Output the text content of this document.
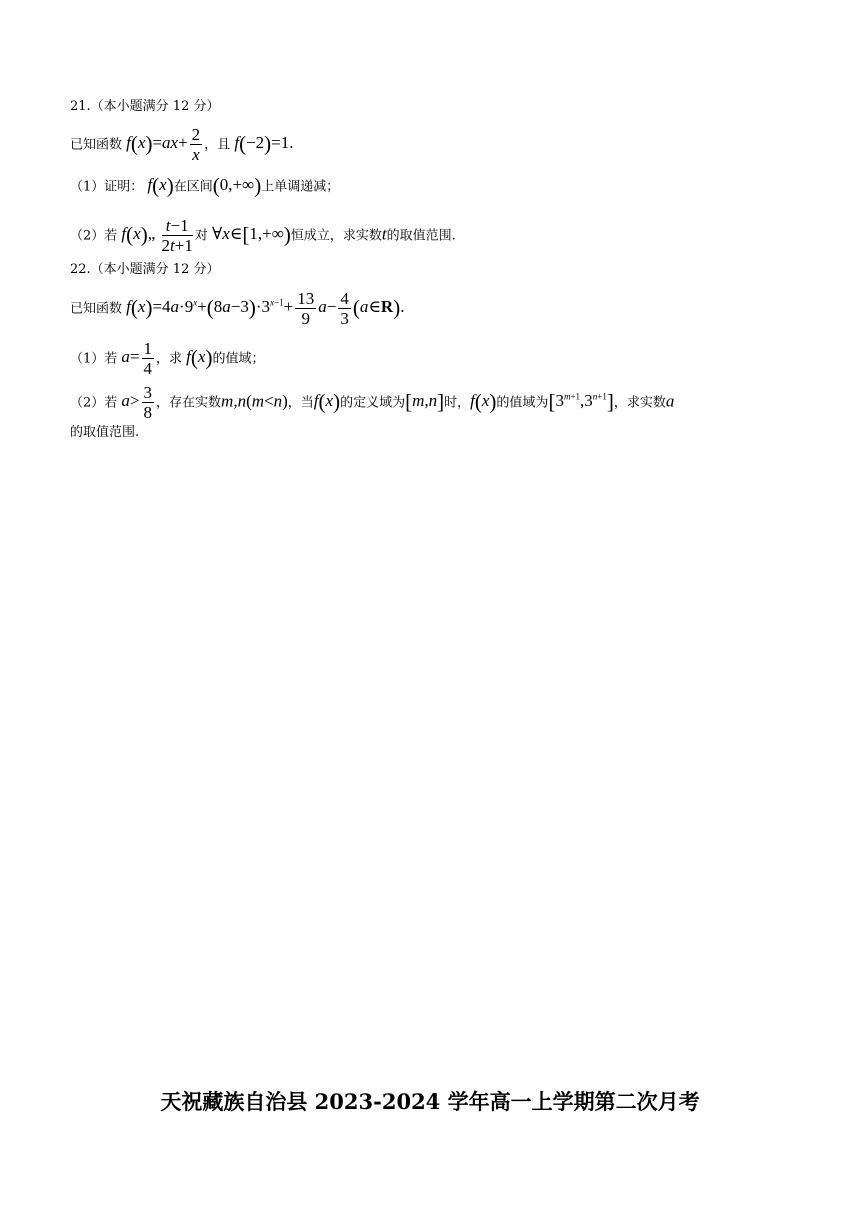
21.（本小题满分 12 分）
已知函数 $f(x)=ax+ \frac{2}{x}$ ，且 f(−2)=1.
（1）证明： f(x)在区间(0,+∞)上单调递减；
（2）若 f(x)„ $\frac{t-1}{2t+1}$ 对 ∀x∈[1,+∞)恒成立，求实数t的取值范围.
22.（本小题满分 12 分）
已知函数 $f(x)=4a\cdot 9^x+(8a-3)\cdot 3^{x-1}+ \frac{13}{9} a- \frac{4}{3}$ (a∈R).
（1）若 $a= \frac{1}{4}$ ，求 f(x)的值域；
（2）若 $a> \frac{3}{8}$ ，存在实数m,n(m<n)，当f(x)的定义域为[m,n]时，f(x)的值域为$[3^{m+1},3^{n+1}]$，求实数a
的取值范围.
天祝藏族自治县 2023-2024 学年高一上学期第二次月考
